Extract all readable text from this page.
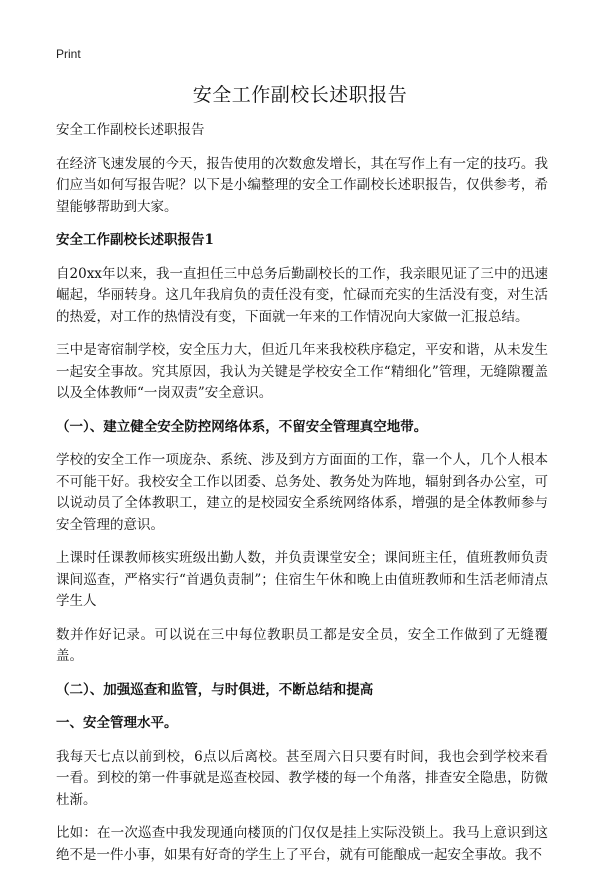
Print
安全工作副校长述职报告

安全工作副校长述职报告

在经济飞速发展的今天，报告使用的次数愈发增长，其在写作上有一定的技巧。我们应当如何写报告呢？以下是小编整理的安全工作副校长述职报告，仅供参考，希望能够帮助到大家。

安全工作副校长述职报告1

自20xx年以来，我一直担任三中总务后勤副校长的工作，我亲眼见证了三中的迅速崛起，华丽转身。这几年我肩负的责任没有变，忙碌而充实的生活没有变，对生活的热爱，对工作的热情没有变，下面就一年来的工作情况向大家做一汇报总结。

三中是寄宿制学校，安全压力大，但近几年来我校秩序稳定，平安和谐，从未发生一起安全事故。究其原因，我认为关键是学校安全工作“精细化”管理，无缝隙覆盖以及全体教师“一岗双责”安全意识。

（一）、建立健全安全防控网络体系，不留安全管理真空地带。

学校的安全工作一项庞杂、系统、涉及到方方面面的工作，靠一个人，几个人根本不可能干好。我校安全工作以团委、总务处、教务处为阵地，辐射到各办公室，可以说动员了全体教职工，建立的是校园安全系统网络体系，增强的是全体教师参与安全管理的意识。

上课时任课教师核实班级出勤人数，并负责课堂安全；课间班主任，值班教师负责课间巡查，严格实行“首遇负责制”；住宿生午休和晚上由值班教师和生活老师清点学生人

数并作好记录。可以说在三中每位教职员工都是安全员，安全工作做到了无缝覆盖。

（二）、加强巡查和监管，与时俱进，不断总结和提高

一、安全管理水平。

我每天七点以前到校，6点以后离校。甚至周六日只要有时间，我也会到学校来看一看。到校的第一件事就是巡查校园、教学楼的每一个角落，排查安全隐患，防微杜渐。

比如：在一次巡查中我发现通向楼顶的门仅仅是挂上实际没锁上。我马上意识到这绝不是一件小事，如果有好奇的学生上了平台，就有可能酿成一起安全事故。我不
